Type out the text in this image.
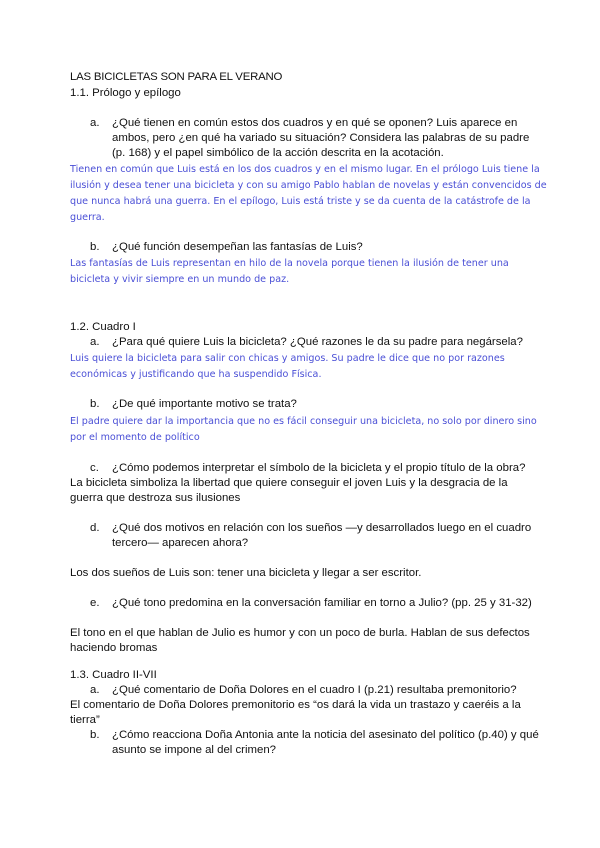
LAS BICICLETAS SON PARA EL VERANO
1.1. Prólogo y epílogo
a. ¿Qué tienen en común estos dos cuadros y en qué se oponen? Luis aparece en
ambos, pero ¿en qué ha variado su situación? Considera las palabras de su padre
(p. 168) y el papel simbólico de la acción descrita en la acotación.
Tienen en común que Luis está en los dos cuadros y en el mismo lugar. En el prólogo Luis tiene la
ilusión y desea tener una bicicleta y con su amigo Pablo hablan de novelas y están convencidos de
que nunca habrá una guerra. En el epílogo, Luis está triste y se da cuenta de la catástrofe de la
guerra.
b. ¿Qué función desempeñan las fantasías de Luis?
Las fantasías de Luis representan en hilo de la novela porque tienen la ilusión de tener una
bicicleta y vivir siempre en un mundo de paz.
1.2. Cuadro I
a. ¿Para qué quiere Luis la bicicleta? ¿Qué razones le da su padre para negársela?
Luis quiere la bicicleta para salir con chicas y amigos. Su padre le dice que no por razones
económicas y justificando que ha suspendido Física.
b. ¿De qué importante motivo se trata?
El padre quiere dar la importancia que no es fácil conseguir una bicicleta, no solo por dinero sino
por el momento de político
c. ¿Cómo podemos interpretar el símbolo de la bicicleta y el propio título de la obra?
La bicicleta simboliza la libertad que quiere conseguir el joven Luis y la desgracia de la
guerra que destroza sus ilusiones
d. ¿Qué dos motivos en relación con los sueños —y desarrollados luego en el cuadro
tercero— aparecen ahora?
Los dos sueños de Luis son: tener una bicicleta y llegar a ser escritor.
e. ¿Qué tono predomina en la conversación familiar en torno a Julio? (pp. 25 y 31-32)
El tono en el que hablan de Julio es humor y con un poco de burla. Hablan de sus defectos
haciendo bromas
1.3. Cuadro II-VII
a. ¿Qué comentario de Doña Dolores en el cuadro I (p.21) resultaba premonitorio?
El comentario de Doña Dolores premonitorio es “os dará la vida un trastazo y caeréis a la
tierra”
b. ¿Cómo reacciona Doña Antonia ante la noticia del asesinato del político (p.40) y qué
asunto se impone al del crimen?
